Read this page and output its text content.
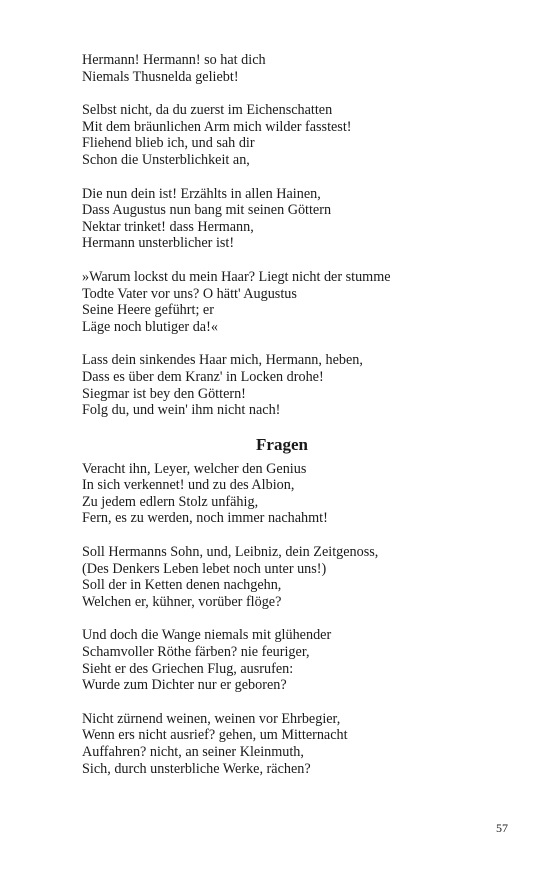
Hermann! Hermann! so hat dich
Niemals Thusnelda geliebt!
Selbst nicht, da du zuerst im Eichenschatten
Mit dem bräunlichen Arm mich wilder fasstest!
Fliehend blieb ich, und sah dir
Schon die Unsterblichkeit an,
Die nun dein ist! Erzählts in allen Hainen,
Dass Augustus nun bang mit seinen Göttern
Nektar trinket! dass Hermann,
Hermann unsterblicher ist!
»Warum lockst du mein Haar? Liegt nicht der stumme
Todte Vater vor uns? O hätt' Augustus
Seine Heere geführt; er
Läge noch blutiger da!«
Lass dein sinkendes Haar mich, Hermann, heben,
Dass es über dem Kranz' in Locken drohe!
Siegmar ist bey den Göttern!
Folg du, und wein' ihm nicht nach!
Fragen
Veracht ihn, Leyer, welcher den Genius
In sich verkennet! und zu des Albion,
Zu jedem edlern Stolz unfähig,
Fern, es zu werden, noch immer nachahmt!
Soll Hermanns Sohn, und, Leibniz, dein Zeitgenoss,
(Des Denkers Leben lebet noch unter uns!)
Soll der in Ketten denen nachgehn,
Welchen er, kühner, vorüber flöge?
Und doch die Wange niemals mit glühender
Schamvoller Röthe färben? nie feuriger,
Sieht er des Griechen Flug, ausrufen:
Wurde zum Dichter nur er geboren?
Nicht zürnend weinen, weinen vor Ehrbegier,
Wenn ers nicht ausrief? gehen, um Mitternacht
Auffahren? nicht, an seiner Kleinmuth,
Sich, durch unsterbliche Werke, rächen?
57
